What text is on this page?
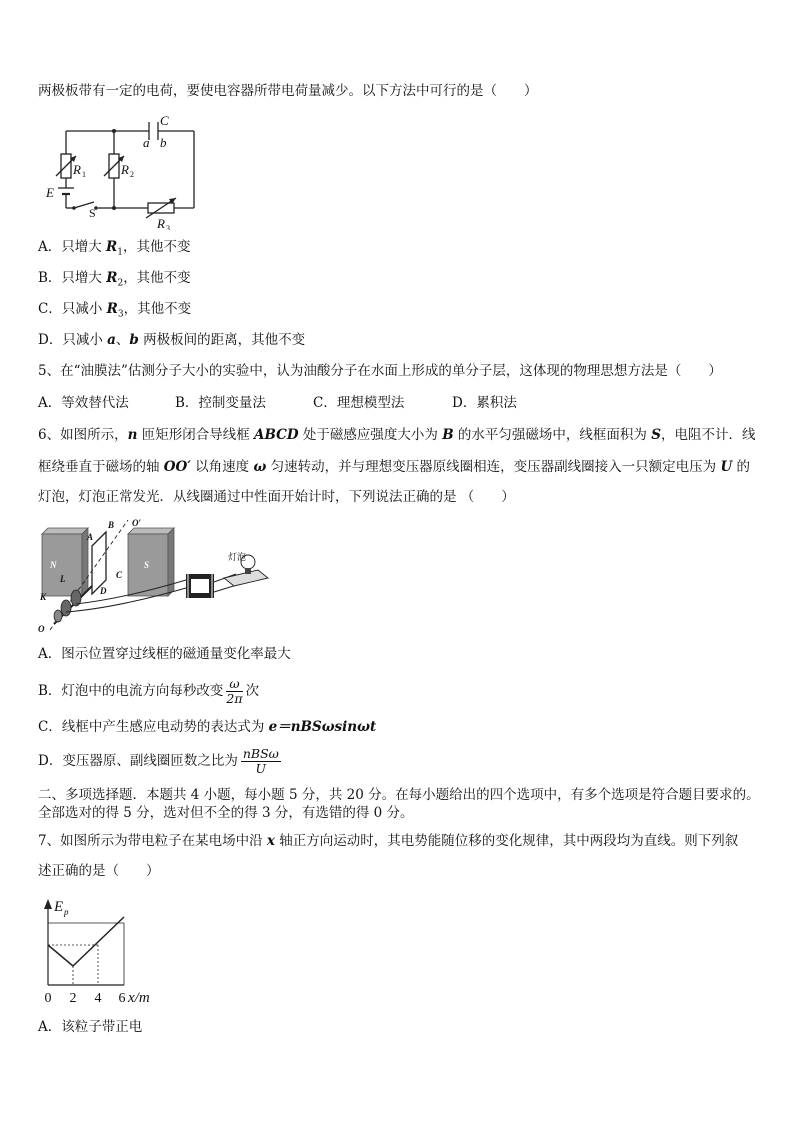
两极板带有一定的电荷，要使电容器所带电荷量减少。以下方法中可行的是（　　）
C
a b
R	R
R
E
1	2
3
S
A．只增大 $R_1$，其他不变
B．只增大 $R_2$，其他不变
C．只减小 $R_3$，其他不变
D．只减小 a、b 两极板间的距离，其他不变
5、在“油膜法”估测分子大小的实验中，认为油酸分子在水面上形成的单分子层，这体现的物理思想方法是（　　）
A．等效替代法	B．控制变量法	C．理想模型法	D．累积法
6、如图所示，n 匝矩形闭合导线框 ABCD 处于磁感应强度大小为 B 的水平匀强磁场中，线框面积为 S，电阻不计．线
框绕垂直于磁场的轴 OO′ 以角速度 ω 匀速转动，并与理想变压器原线圈相连，变压器副线圈接入一只额定电压为 U 的
灯泡，灯泡正常发光．从线圈通过中性面开始计时，下列说法正确的是 （　　）
N	S
A
B
C
D
L
K
O
O′
灯泡
A．图示位置穿过线框的磁通量变化率最大
B．灯泡中的电流方向每秒改变 $\frac{\omega}{2\pi}$ 次
C．线框中产生感应电动势的表达式为 e＝nBSωsinωt
D．变压器原、副线圈匝数之比为 $\frac{\text{nBSω}}{U}$
二、多项选择题．本题共 4 小题，每小题 5 分，共 20 分。在每小题给出的四个选项中，有多个选项是符合题目要求的。
全部选对的得 5 分，选对但不全的得 3 分，有选错的得 0 分。
7、如图所示为带电粒子在某电场中沿 x 轴正方向运动时，其电势能随位移的变化规律，其中两段均为直线。则下列叙
述正确的是（　　）
E p
x/m
0 2 4 6
A．该粒子带正电
